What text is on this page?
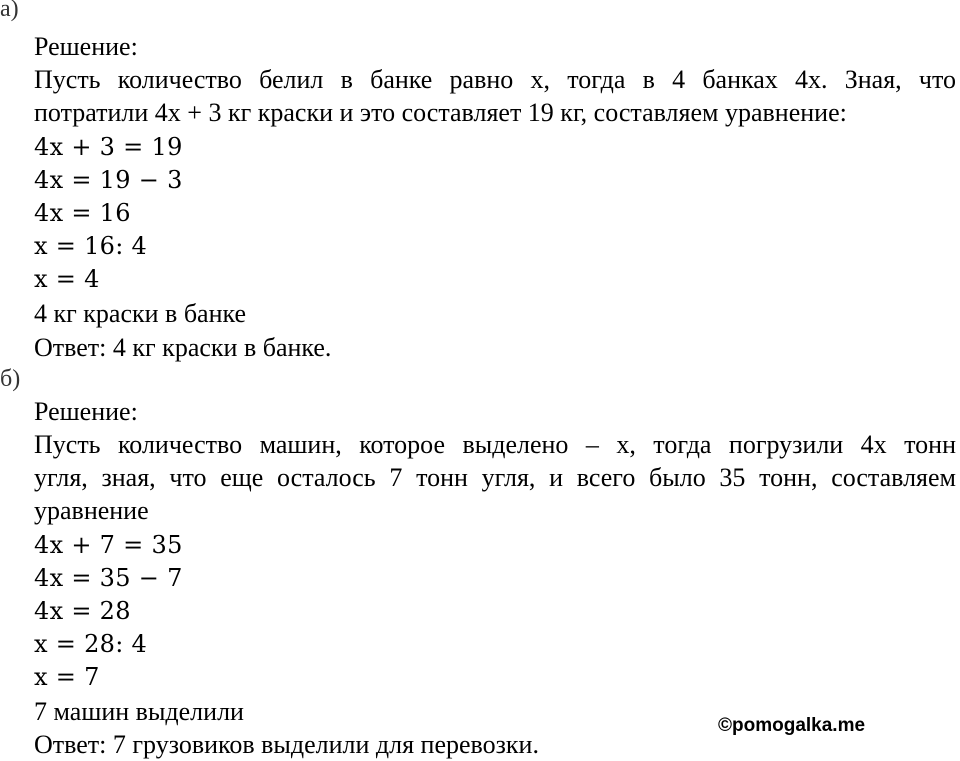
а)
Решение:
Пусть количество белил в банке равно x, тогда в 4 банках 4x. Зная, что
потратили 4x + 3 кг краски и это составляет 19 кг, составляем уравнение:
4x + 3 = 19
4x = 19 − 3
4x = 16
x = 16: 4
x = 4
4 кг краски в банке
Ответ: 4 кг краски в банке.
б)
Решение:
Пусть количество машин, которое выделено – x, тогда погрузили 4x тонн
угля, зная, что еще осталось 7 тонн угля, и всего было 35 тонн, составляем
уравнение
4x + 7 = 35
4x = 35 − 7
4x = 28
x = 28: 4
x = 7
7 машин выделили
Ответ: 7 грузовиков выделили для перевозки.
©pomogalka.me
